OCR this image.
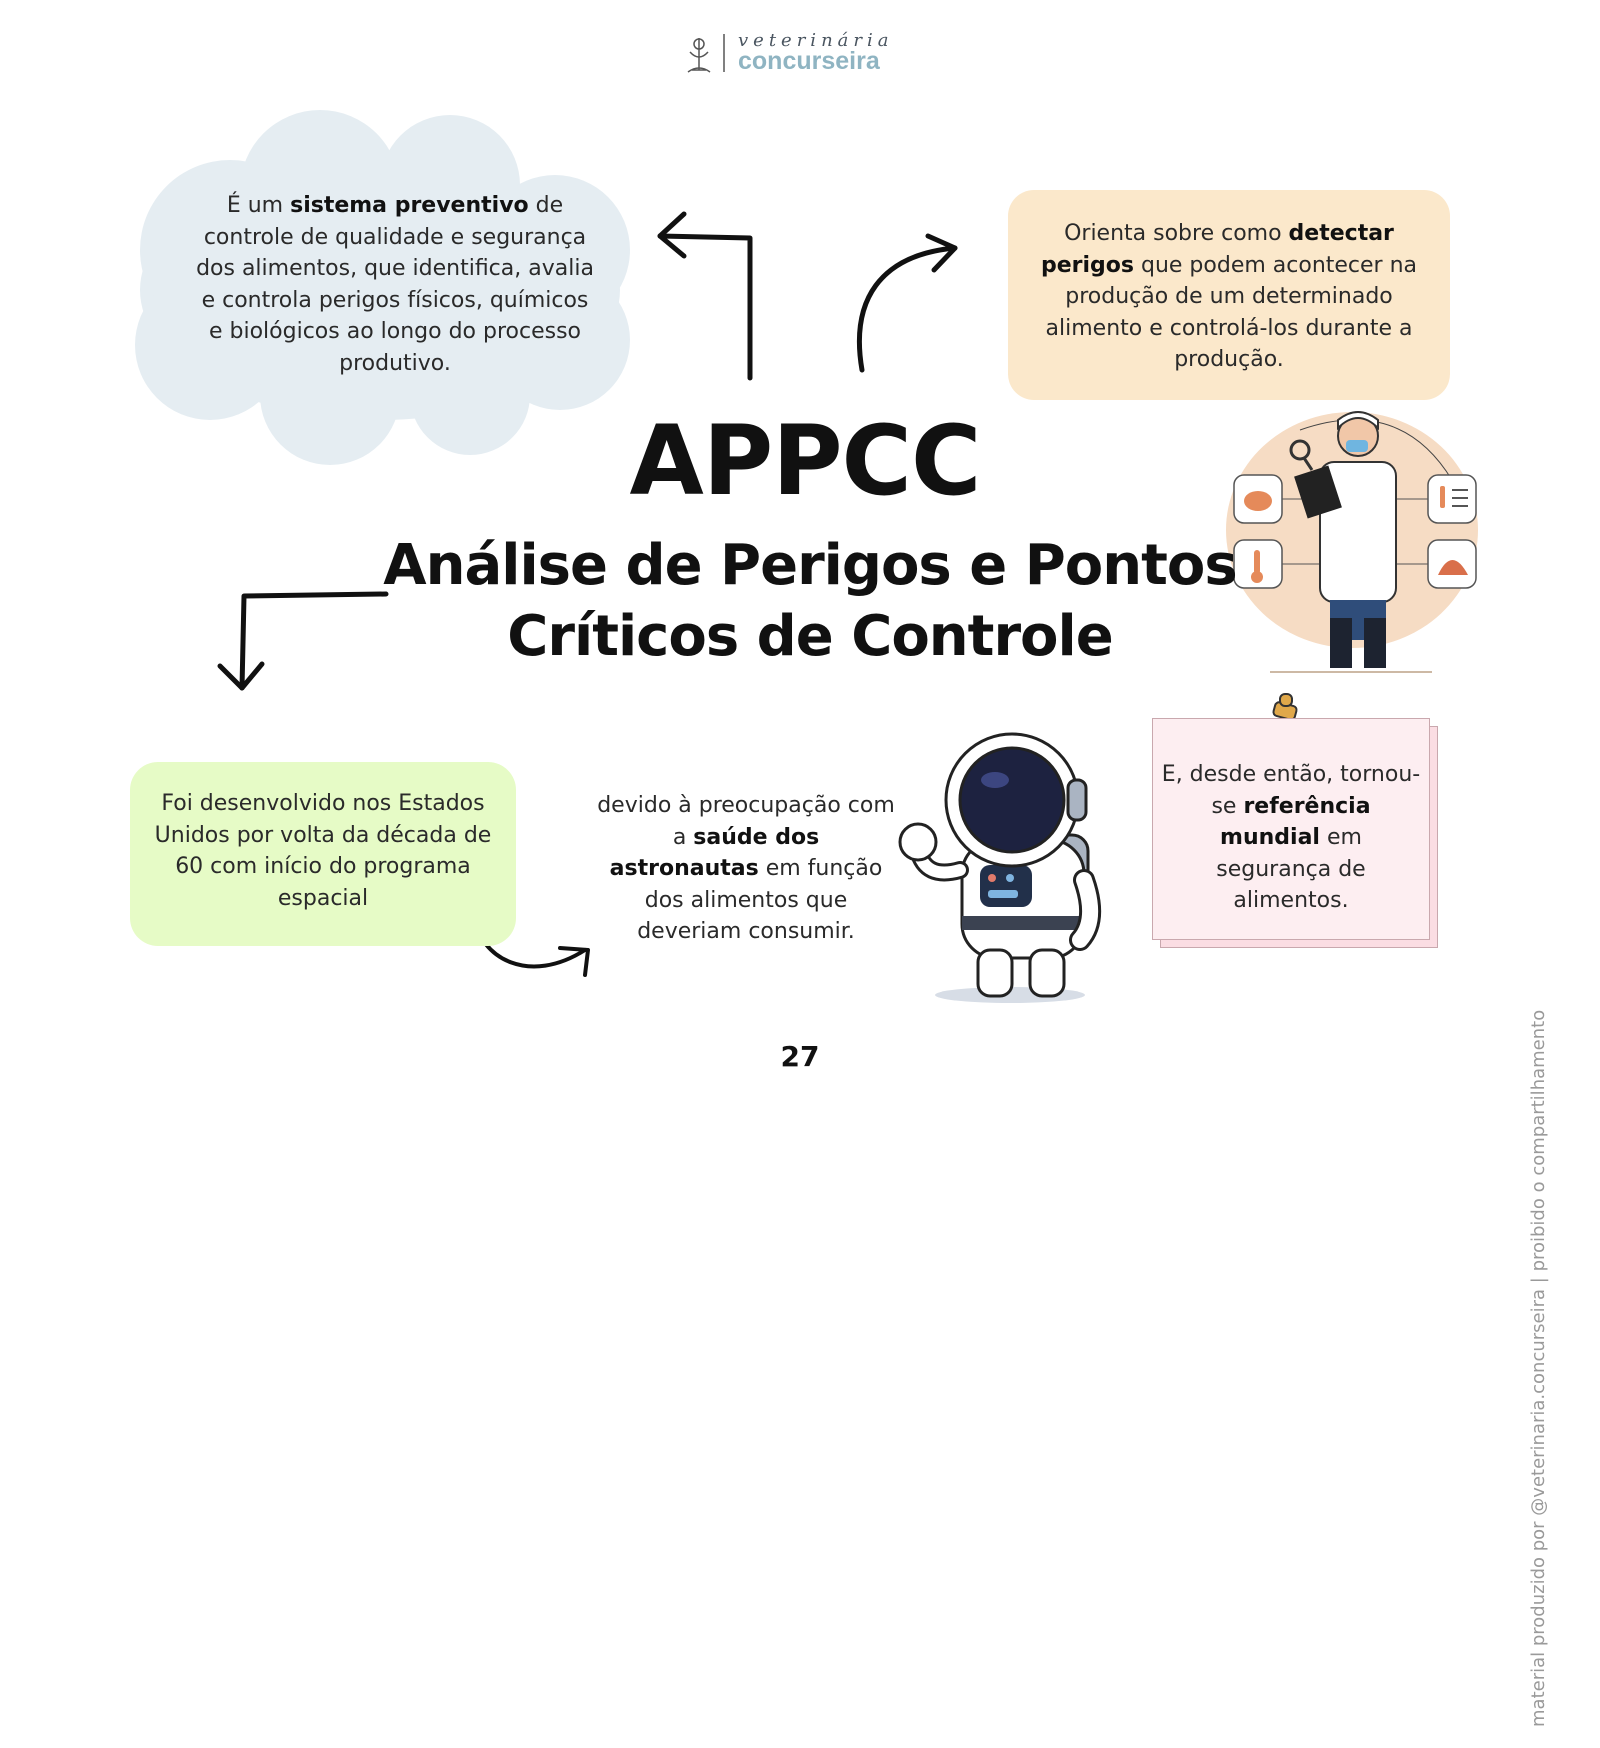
veterinária
concurseira
É um sistema preventivo de controle de qualidade e segurança dos alimentos, que identifica, avalia e controla perigos físicos, químicos e biológicos ao longo do processo produtivo.
Orienta sobre como detectar perigos que podem acontecer na produção de um determinado alimento e controlá-los durante a produção.
APPCC
Análise de Perigos e Pontos
Críticos de Controle
Foi desenvolvido nos Estados Unidos por volta da década de 60 com início do programa espacial
devido à preocupação com a saúde dos astronautas em função dos alimentos que deveriam consumir.
E, desde então, tornou-se referência mundial em segurança de alimentos.
27	material produzido por @veterinaria.concurseira | proibido o compartilhamento
